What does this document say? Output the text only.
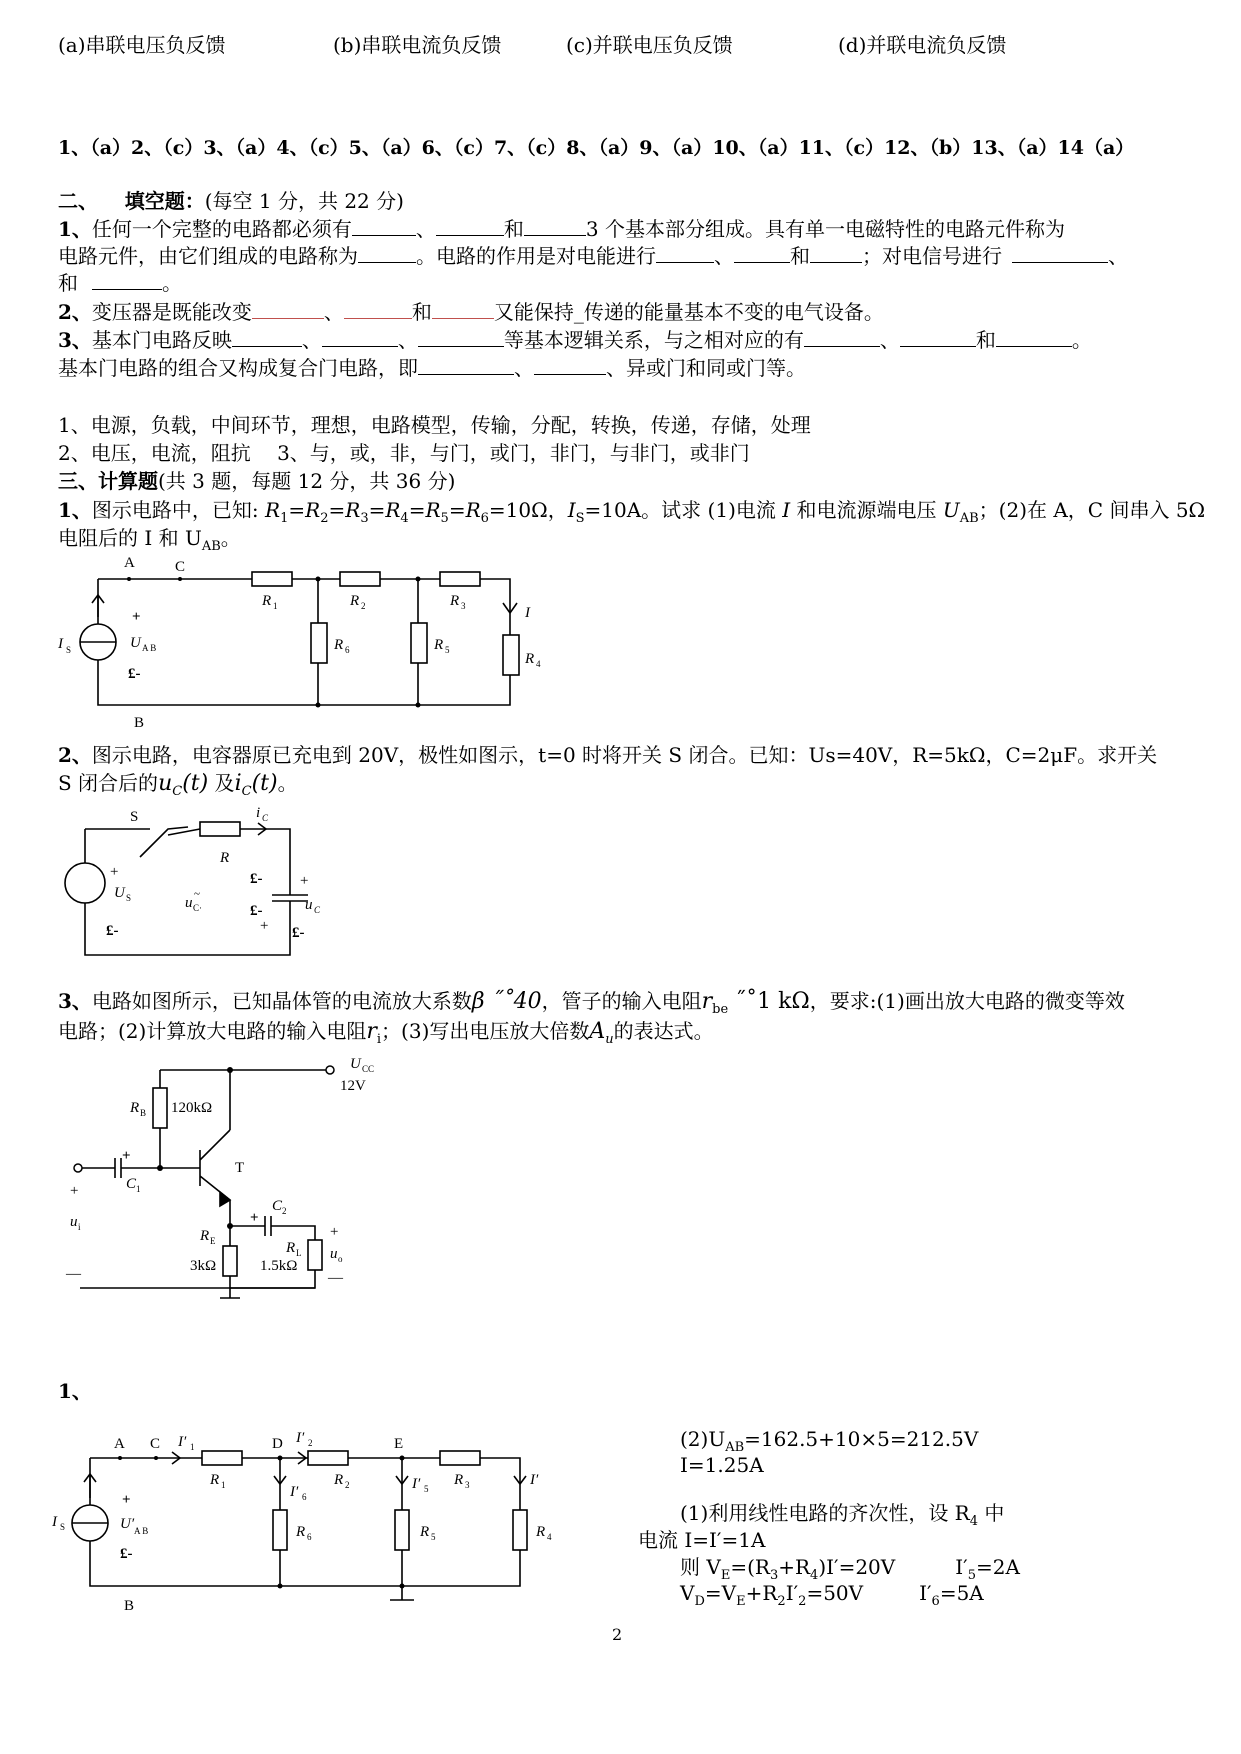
(a)串联电压负反馈	(b)串联电流负反馈	(c)并联电压负反馈	(d)并联电流负反馈
1、（a）2、（c）3、（a）4、（c）5、（a）6、（c）7、（c）8、（a）9、（a）10、（a）11、（c）12、（b）13、（a）14（a）
二、 填空题：(每空 1 分，共 22 分)
1、任何一个完整的电路都必须有	、	和	3 个基本部分组成。具有单一电磁特性的电路元件称为
电路元件，由它们组成的电路称为	。电路的作用是对电能进行	、	和	；对电信号进行	、
和	。
2、变压器是既能改变	、	和	又能保持_传递的能量基本不变的电气设备。
3、基本门电路反映	、	、	等基本逻辑关系，与之相对应的有	、	和	。
基本门电路的组合又构成复合门电路，即	、	、异或门和同或门等。
1、电源，负载，中间环节，理想，电路模型，传输，分配，转换，传递，存储，处理
2、电压，电流，阻抗　 3、与，或，非，与门，或门，非门，与非门，或非门
三、计算题(共 3 题，每题 12 分，共 36 分)
1、图示电路中，已知: $R_1=R_2=R_3=R_4=R_5=R_6=10\Omega$，$I_S=10A$。试求 (1)电流 I 和电流源端电压 $U_{AB}$；(2)在 A，C 间串入 5Ω
电阻后的 I 和 $U_{AB}$。
A	C
B
I S
+
U A B
£-
R 1	R 2	R 3
R 4
R 5
R 6
I
2、图示电路，电容器原已充电到 20V，极性如图示，t=0 时将开关 S 闭合。已知：Us=40V，R=5kΩ，C=2μF。求开关
S 闭合后的$u_C(t)$ 及$i_C(t)$。
S
R
i C
+
U S
£-
£-
£-
+
+
u
~
C·	u C
£-
3、电路如图所示，已知晶体管的电流放大系数β ˝˚40，管子的输入电阻$r_{be}$ ˝˚1 kΩ，要求:(1)画出放大电路的微变等效
电路；(2)计算放大电路的输入电阻$r_i$；(3)写出电压放大倍数$A_u$的表达式。
U CC
12V
R B 120kΩ
T
C 1
+
C 2
+
R E
3kΩ
R L
1.5kΩ
+
u i
—
+
u o
—
1、
A C	D	E
B
I′ 1
I′ 2
I′ 6
I′ 5
I′
I S
+
U′ A B
£-
R 1	R 2	R 3
R 4
R 5
R 6
$(2)U_{AB}=162.5+10\times 5=212.5V$
I=1.25A
(1)利用线性电路的齐次性，设 $R_4$ 中
电流 I=I′=1A
则 $V_E=(R_3+R_4)I'=20V$	$I'_5=2A$
$V_D=V_E+R_2I'_2=50V$	$I'_6=5A$
2
